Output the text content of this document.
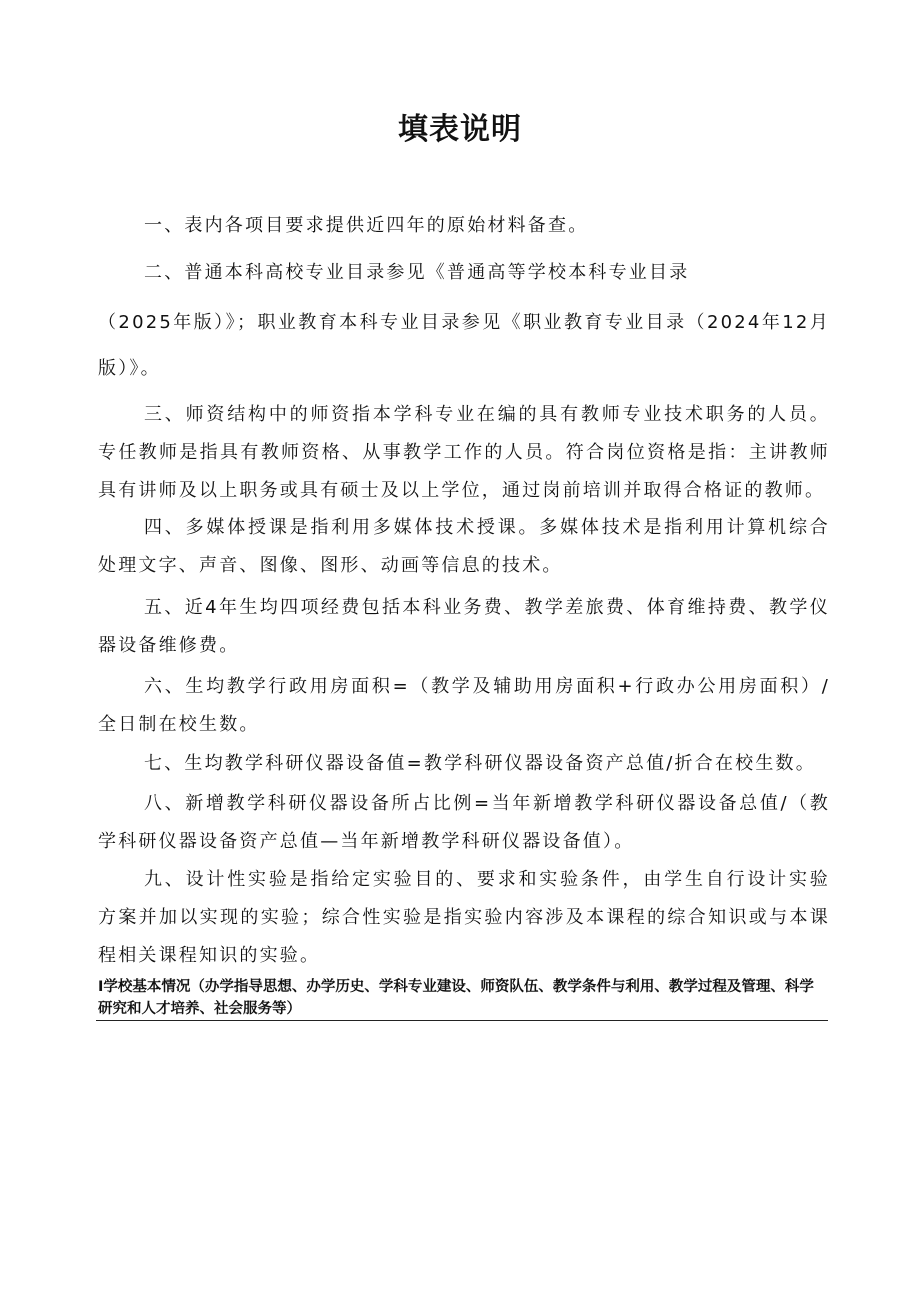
填表说明

一、表内各项目要求提供近四年的原始材料备查。

二、普通本科高校专业目录参见《普通高等学校本科专业目录

（2025年版）》；职业教育本科专业目录参见《职业教育专业目录（2024年12月版）》。

三、师资结构中的师资指本学科专业在编的具有教师专业技术职务的人员。专任教师是指具有教师资格、从事教学工作的人员。符合岗位资格是指：主讲教师具有讲师及以上职务或具有硕士及以上学位，通过岗前培训并取得合格证的教师。

四、多媒体授课是指利用多媒体技术授课。多媒体技术是指利用计算机综合处理文字、声音、图像、图形、动画等信息的技术。

五、近4年生均四项经费包括本科业务费、教学差旅费、体育维持费、教学仪器设备维修费。

六、生均教学行政用房面积=（教学及辅助用房面积+行政办公用房面积）/全日制在校生数。

七、生均教学科研仪器设备值=教学科研仪器设备资产总值/折合在校生数。

八、新增教学科研仪器设备所占比例=当年新增教学科研仪器设备总值/（教学科研仪器设备资产总值—当年新增教学科研仪器设备值）。

九、设计性实验是指给定实验目的、要求和实验条件，由学生自行设计实验方案并加以实现的实验；综合性实验是指实验内容涉及本课程的综合知识或与本课程相关课程知识的实验。

Ⅰ学校基本情况（办学指导思想、办学历史、学科专业建设、师资队伍、教学条件与利用、教学过程及管理、科学
研究和人才培养、社会服务等）
